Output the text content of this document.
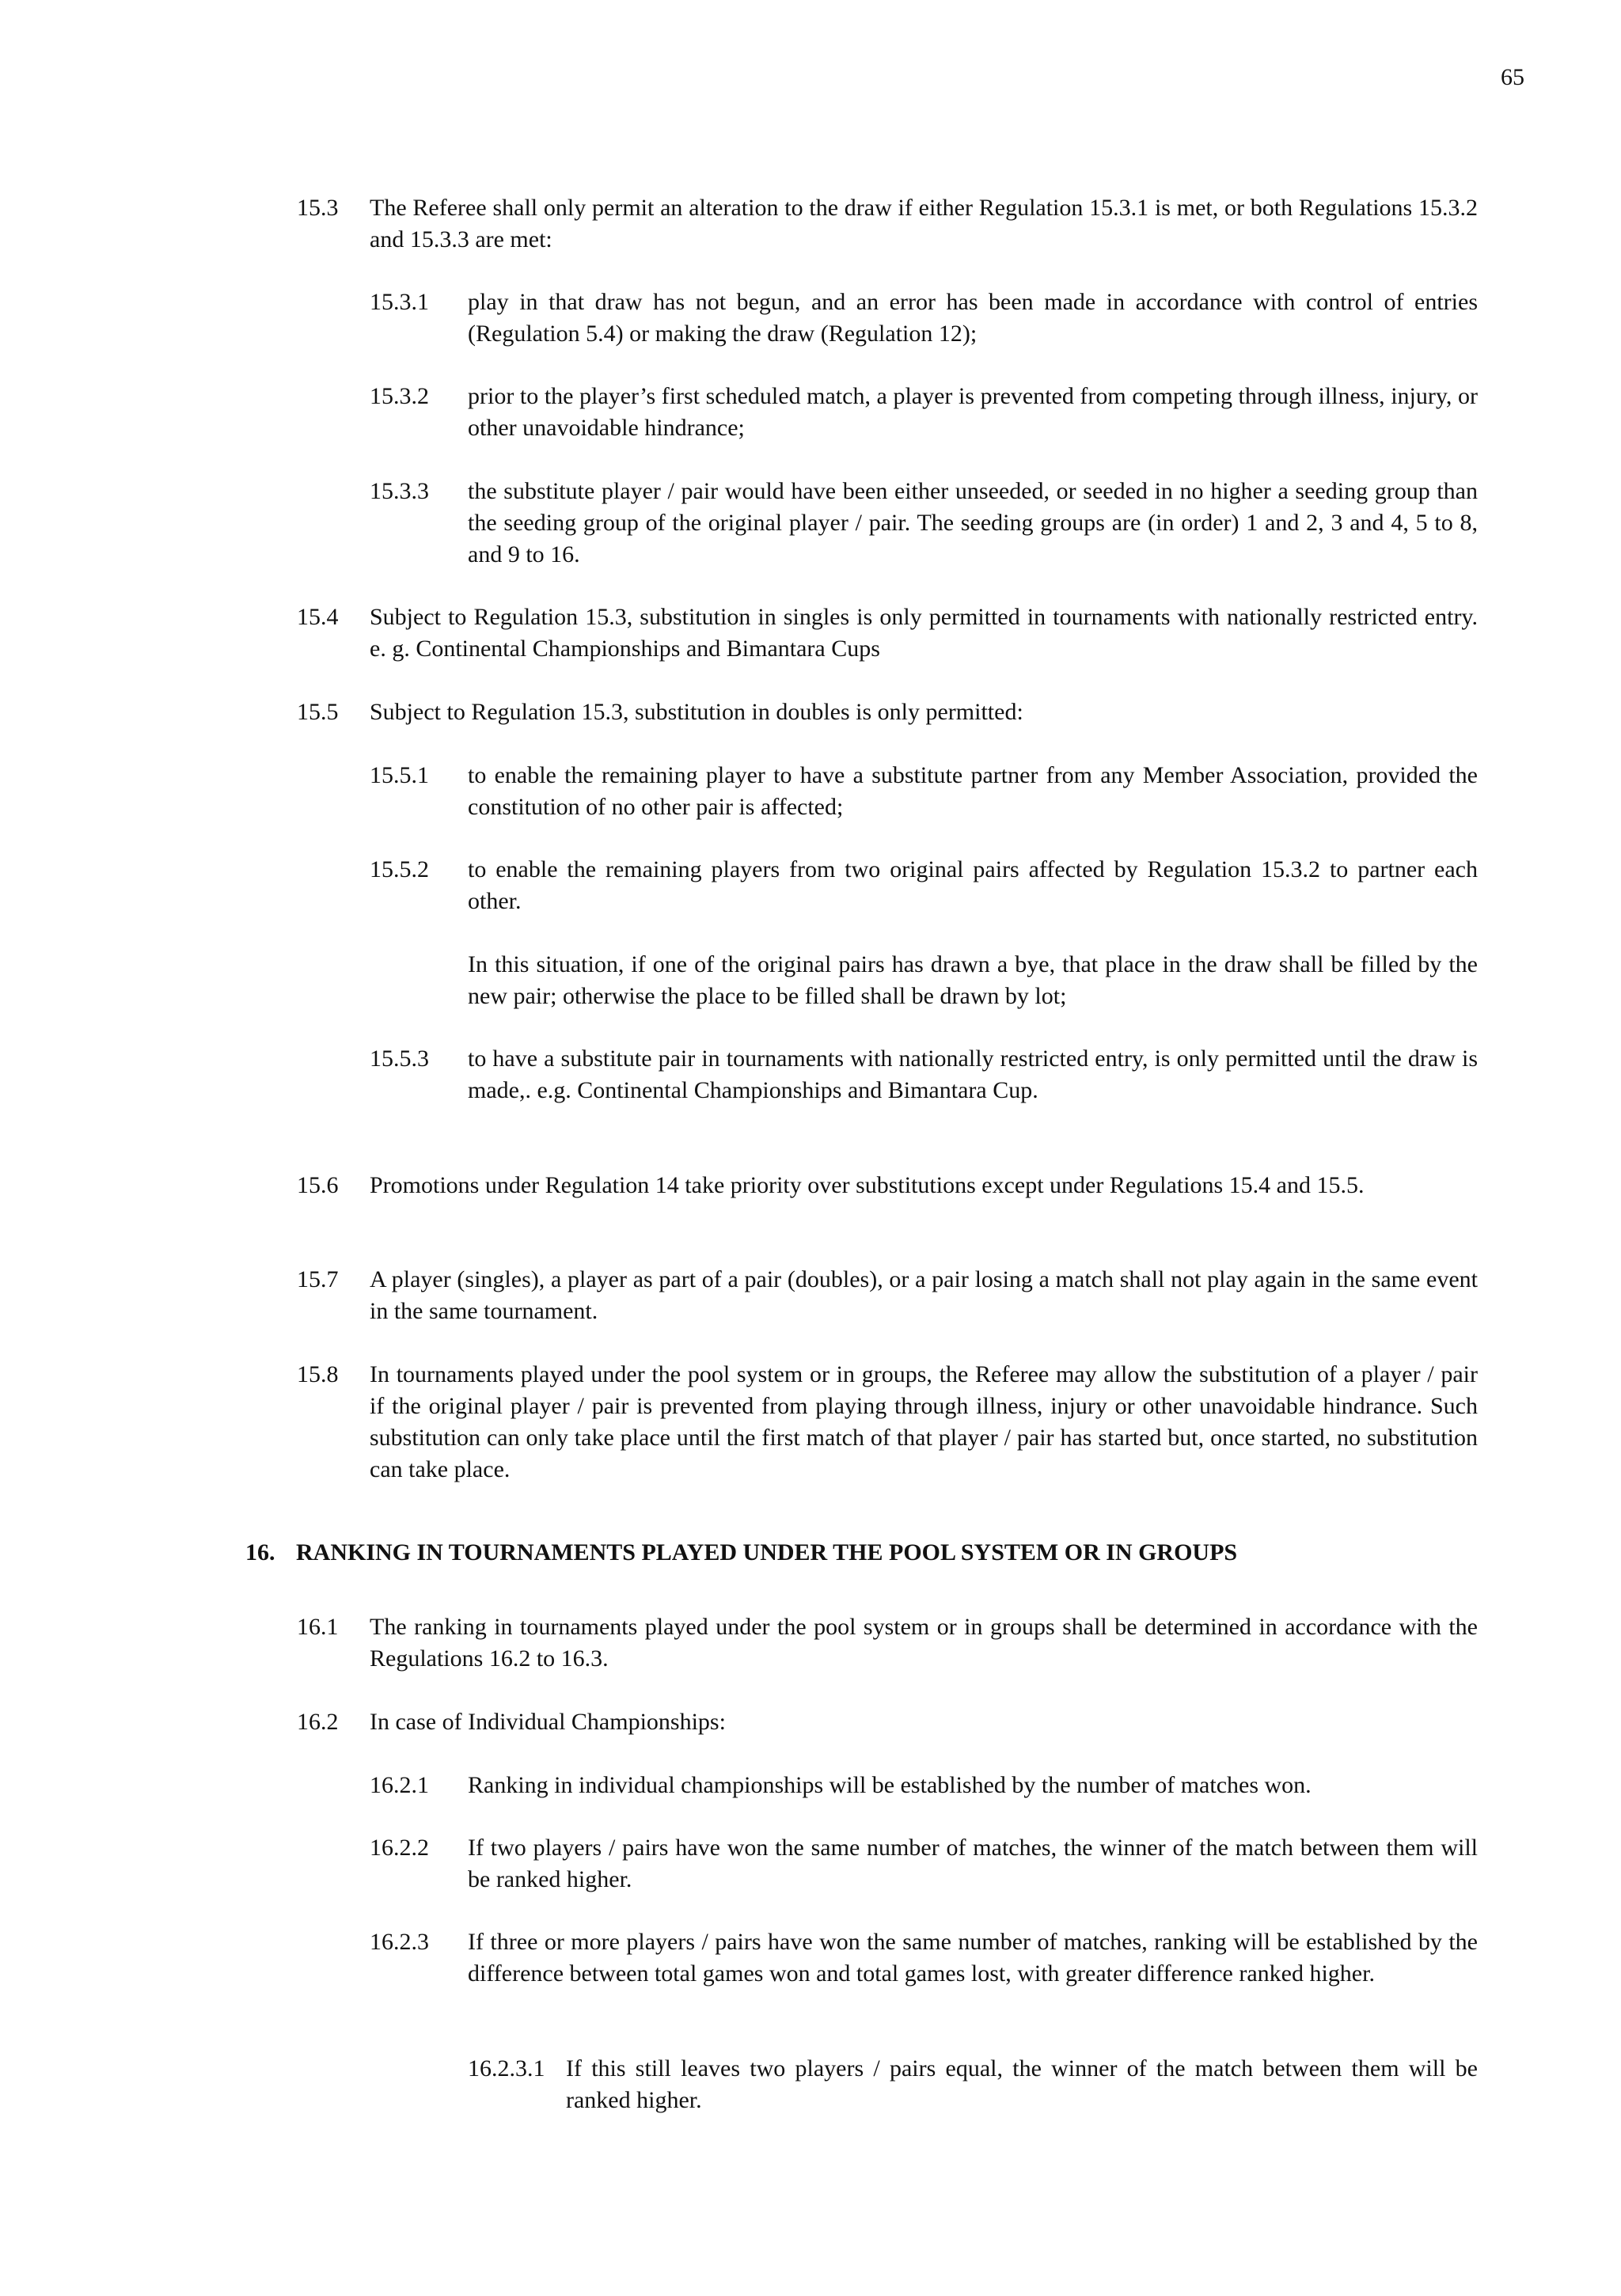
65
15.3 The Referee shall only permit an alteration to the draw if either Regulation 15.3.1 is met, or both Regulations 15.3.2 and 15.3.3 are met:
15.3.1 play in that draw has not begun, and an error has been made in accordance with control of entries (Regulation 5.4) or making the draw (Regulation 12);
15.3.2 prior to the player’s first scheduled match, a player is prevented from competing through illness, injury, or other unavoidable hindrance;
15.3.3 the substitute player / pair would have been either unseeded, or seeded in no higher a seeding group than the seeding group of the original player / pair. The seeding groups are (in order) 1 and 2, 3 and 4, 5 to 8, and 9 to 16.
15.4 Subject to Regulation 15.3, substitution in singles is only permitted in tournaments with nationally restricted entry. e. g. Continental Championships and Bimantara Cups
15.5 Subject to Regulation 15.3, substitution in doubles is only permitted:
15.5.1 to enable the remaining player to have a substitute partner from any Member Association, provided the constitution of no other pair is affected;
15.5.2 to enable the remaining players from two original pairs affected by Regulation 15.3.2 to partner each other.
In this situation, if one of the original pairs has drawn a bye, that place in the draw shall be filled by the new pair; otherwise the place to be filled shall be drawn by lot;
15.5.3 to have a substitute pair in tournaments with nationally restricted entry, is only permitted until the draw is made,. e.g. Continental Championships and Bimantara Cup.
15.6 Promotions under Regulation 14 take priority over substitutions except under Regulations 15.4 and 15.5.
15.7 A player (singles), a player as part of a pair (doubles), or a pair losing a match shall not play again in the same event in the same tournament.
15.8 In tournaments played under the pool system or in groups, the Referee may allow the substitution of a player / pair if the original player / pair is prevented from playing through illness, injury or other unavoidable hindrance. Such substitution can only take place until the first match of that player / pair has started but, once started, no substitution can take place.
16. RANKING IN TOURNAMENTS PLAYED UNDER THE POOL SYSTEM OR IN GROUPS
16.1 The ranking in tournaments played under the pool system or in groups shall be determined in accordance with the Regulations 16.2 to 16.3.
16.2 In case of Individual Championships:
16.2.1 Ranking in individual championships will be established by the number of matches won.
16.2.2 If two players / pairs have won the same number of matches, the winner of the match between them will be ranked higher.
16.2.3 If three or more players / pairs have won the same number of matches, ranking will be established by the difference between total games won and total games lost, with greater difference ranked higher.
16.2.3.1 If this still leaves two players / pairs equal, the winner of the match between them will be ranked higher.
